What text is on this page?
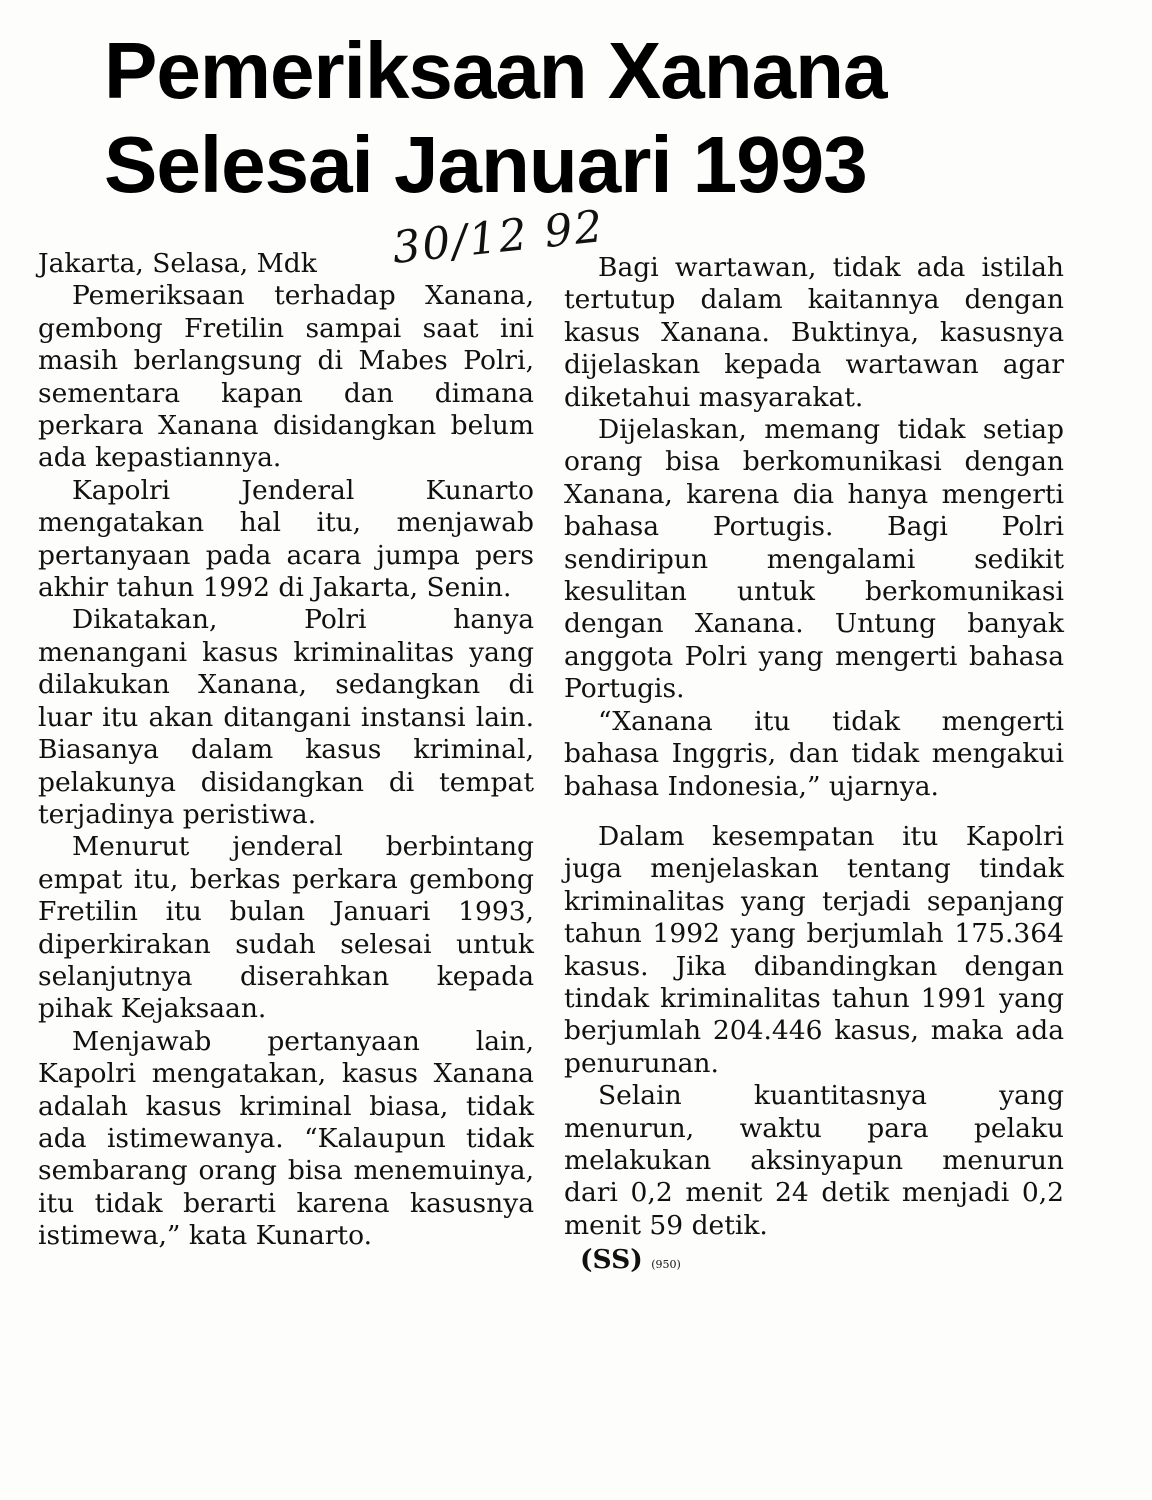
Pemeriksaan Xanana
Selesai Januari 1993
30/12 92

Jakarta, Selasa, Mdk

Pemeriksaan terhadap Xanana, gembong Fretilin sampai saat ini masih berlangsung di Mabes Polri, sementara kapan dan dimana perkara Xanana disidangkan belum ada kepastiannya.

Kapolri Jenderal Kunarto mengatakan hal itu, menjawab pertanyaan pada acara jumpa pers akhir tahun 1992 di Jakarta, Senin.

Dikatakan, Polri hanya menangani kasus kriminalitas yang dilakukan Xanana, sedangkan di luar itu akan ditangani instansi lain. Biasanya dalam kasus kriminal, pelakunya disidangkan di tempat terjadinya peristiwa.

Menurut jenderal berbintang empat itu, berkas perkara gembong Fretilin itu bulan Januari 1993, diperkirakan sudah selesai untuk selanjutnya diserahkan kepada pihak Kejaksaan.

Menjawab pertanyaan lain, Kapolri mengatakan, kasus Xanana adalah kasus kriminal biasa, tidak ada istimewanya. “Kalaupun tidak sembarang orang bisa menemuinya, itu tidak berarti karena kasusnya istimewa,” kata Kunarto.

Bagi wartawan, tidak ada istilah tertutup dalam kaitannya dengan kasus Xanana. Buktinya, kasusnya dijelaskan kepada wartawan agar diketahui masyarakat.

Dijelaskan, memang tidak setiap orang bisa berkomunikasi dengan Xanana, karena dia hanya mengerti bahasa Portugis. Bagi Polri sendiripun mengalami sedikit kesulitan untuk berkomunikasi dengan Xanana. Untung banyak anggota Polri yang mengerti bahasa Portugis.

“Xanana itu tidak mengerti bahasa Inggris, dan tidak mengakui bahasa Indonesia,” ujarnya.

Dalam kesempatan itu Kapolri juga menjelaskan tentang tindak kriminalitas yang terjadi sepanjang tahun 1992 yang berjumlah 175.364 kasus. Jika dibandingkan dengan tindak kriminalitas tahun 1991 yang berjumlah 204.446 kasus, maka ada penurunan.

Selain kuantitasnya yang menurun, waktu para pelaku melakukan aksinyapun menurun dari 0,2 menit 24 detik menjadi 0,2 menit 59 detik.

(SS) (950)
